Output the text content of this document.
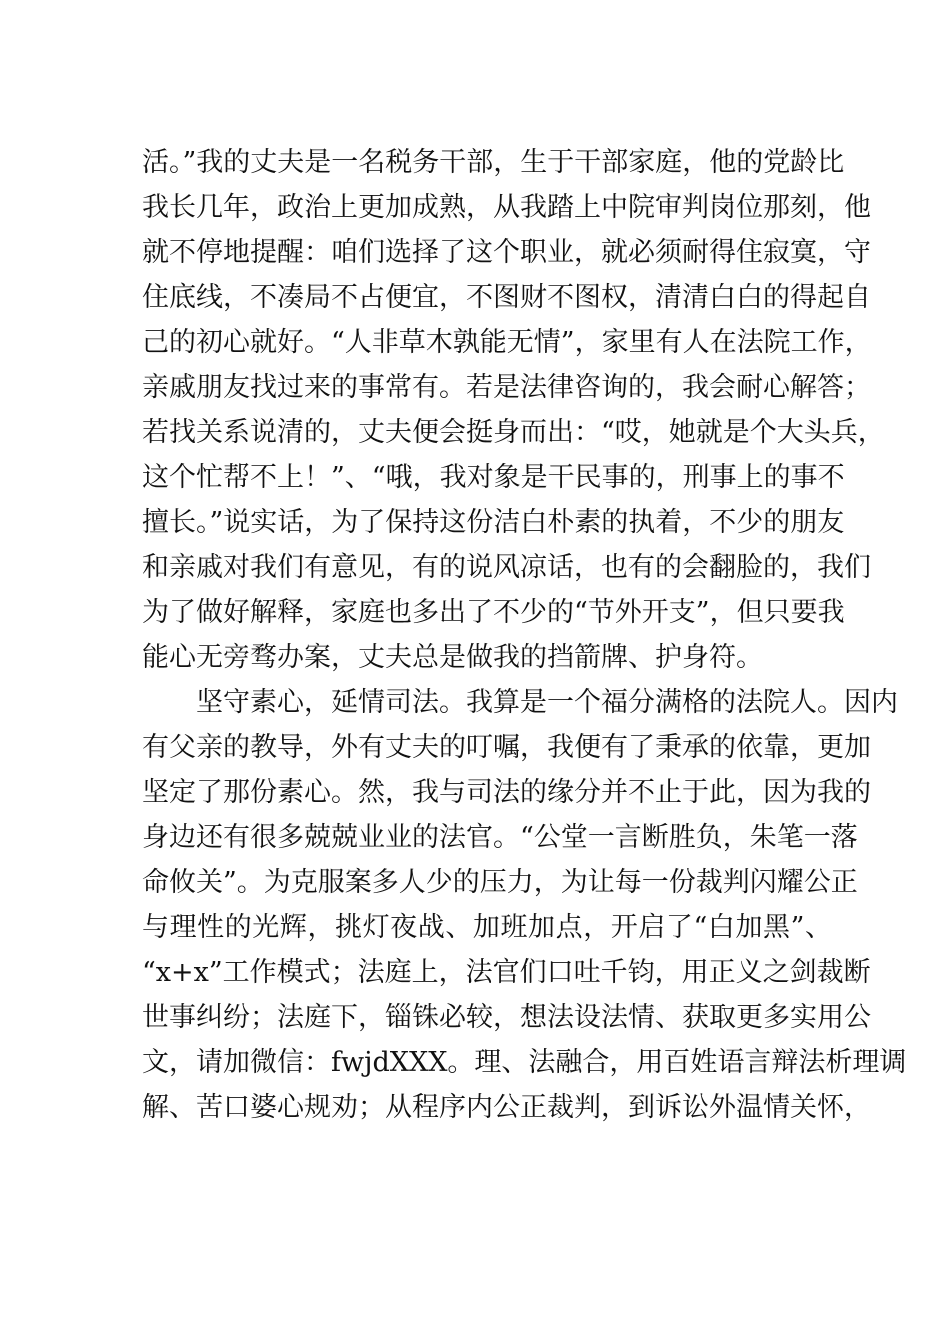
活。”我的丈夫是一名税务干部，生于干部家庭，他的党龄比
我长几年，政治上更加成熟，从我踏上中院审判岗位那刻，他
就不停地提醒：咱们选择了这个职业，就必须耐得住寂寞，守
住底线，不凑局不占便宜，不图财不图权，清清白白的得起自
己的初心就好。“人非草木孰能无情”，家里有人在法院工作，
亲戚朋友找过来的事常有。若是法律咨询的，我会耐心解答；
若找关系说清的，丈夫便会挺身而出：“哎，她就是个大头兵，
这个忙帮不上！”、“哦，我对象是干民事的，刑事上的事不
擅长。”说实话，为了保持这份洁白朴素的执着，不少的朋友
和亲戚对我们有意见，有的说风凉话，也有的会翻脸的，我们
为了做好解释，家庭也多出了不少的“节外开支”，但只要我
能心无旁骛办案，丈夫总是做我的挡箭牌、护身符。
坚守素心，延情司法。我算是一个福分满格的法院人。因内
有父亲的教导，外有丈夫的叮嘱，我便有了秉承的依靠，更加
坚定了那份素心。然，我与司法的缘分并不止于此，因为我的
身边还有很多兢兢业业的法官。“公堂一言断胜负，朱笔一落
命攸关”。为克服案多人少的压力，为让每一份裁判闪耀公正
与理性的光辉，挑灯夜战、加班加点，开启了“白加黑”、
“x+x”工作模式；法庭上，法官们口吐千钧，用正义之剑裁断
世事纠纷；法庭下，锱铢必较，想法设法情、获取更多实用公
文，请加微信：fwjdXXX。理、法融合，用百姓语言辩法析理调
解、苦口婆心规劝；从程序内公正裁判，到诉讼外温情关怀，
